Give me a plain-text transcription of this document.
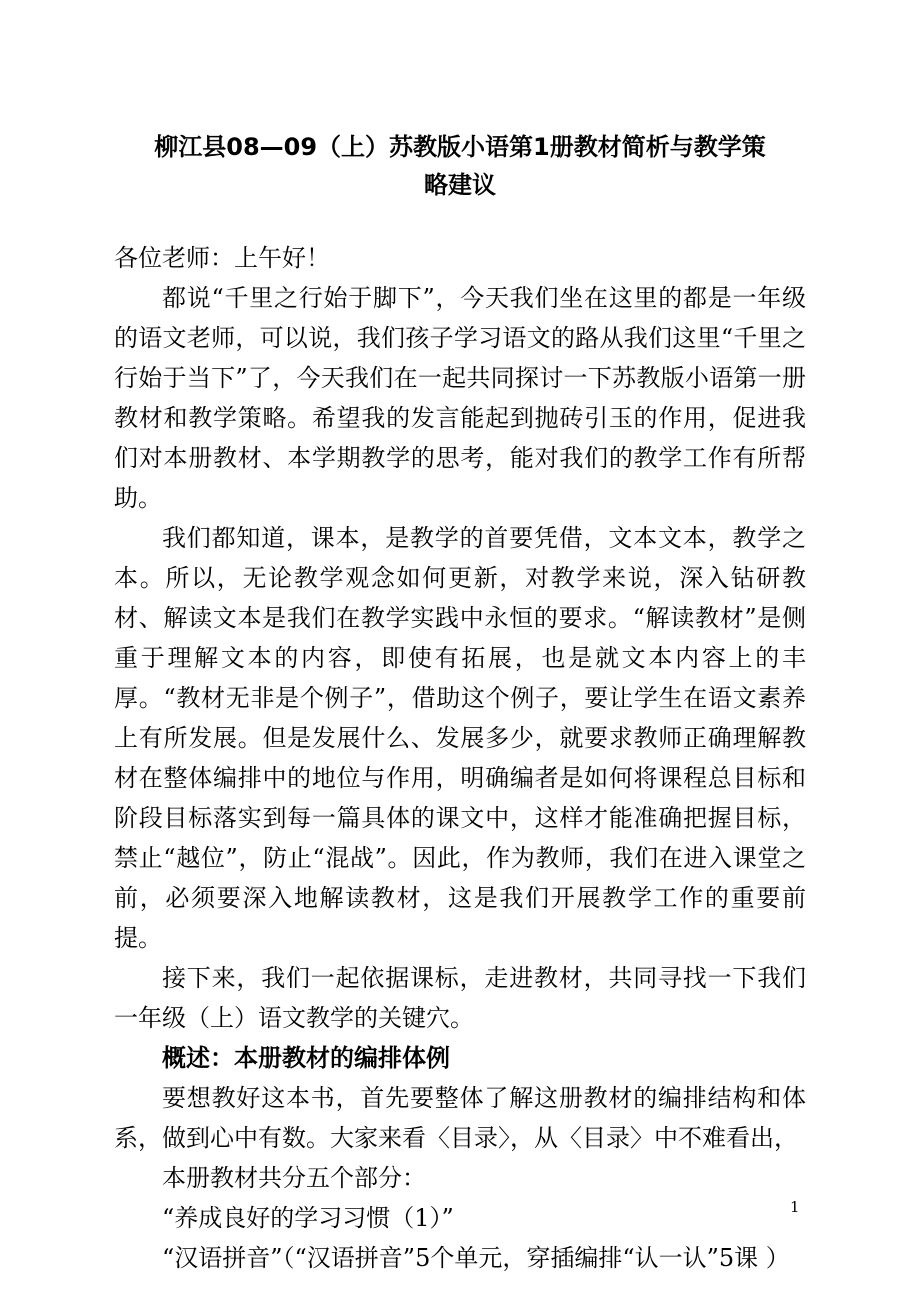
柳江县08—09（上）苏教版小语第1册教材简析与教学策
略建议

各位老师：上午好！

都说“千里之行始于脚下”，今天我们坐在这里的都是一年级的语文老师，可以说，我们孩子学习语文的路从我们这里“千里之行始于当下”了，今天我们在一起共同探讨一下苏教版小语第一册教材和教学策略。希望我的发言能起到抛砖引玉的作用，促进我们对本册教材、本学期教学的思考，能对我们的教学工作有所帮助。

我们都知道，课本，是教学的首要凭借，文本文本，教学之本。所以，无论教学观念如何更新，对教学来说，深入钻研教材、解读文本是我们在教学实践中永恒的要求。“解读教材”是侧重于理解文本的内容，即使有拓展，也是就文本内容上的丰厚。“教材无非是个例子”，借助这个例子，要让学生在语文素养上有所发展。但是发展什么、发展多少，就要求教师正确理解教材在整体编排中的地位与作用，明确编者是如何将课程总目标和阶段目标落实到每一篇具体的课文中，这样才能准确把握目标，禁止“越位”，防止“混战”。因此，作为教师，我们在进入课堂之前，必须要深入地解读教材，这是我们开展教学工作的重要前提。

接下来，我们一起依据课标，走进教材，共同寻找一下我们一年级（上）语文教学的关键穴。

概述：本册教材的编排体例

要想教好这本书，首先要整体了解这册教材的编排结构和体系，做到心中有数。大家来看〈目录〉，从〈目录〉中不难看出，

本册教材共分五个部分：

“养成良好的学习习惯（1）”

“汉语拼音”（“汉语拼音”5个单元，穿插编排“认一认”5课 ）

1
